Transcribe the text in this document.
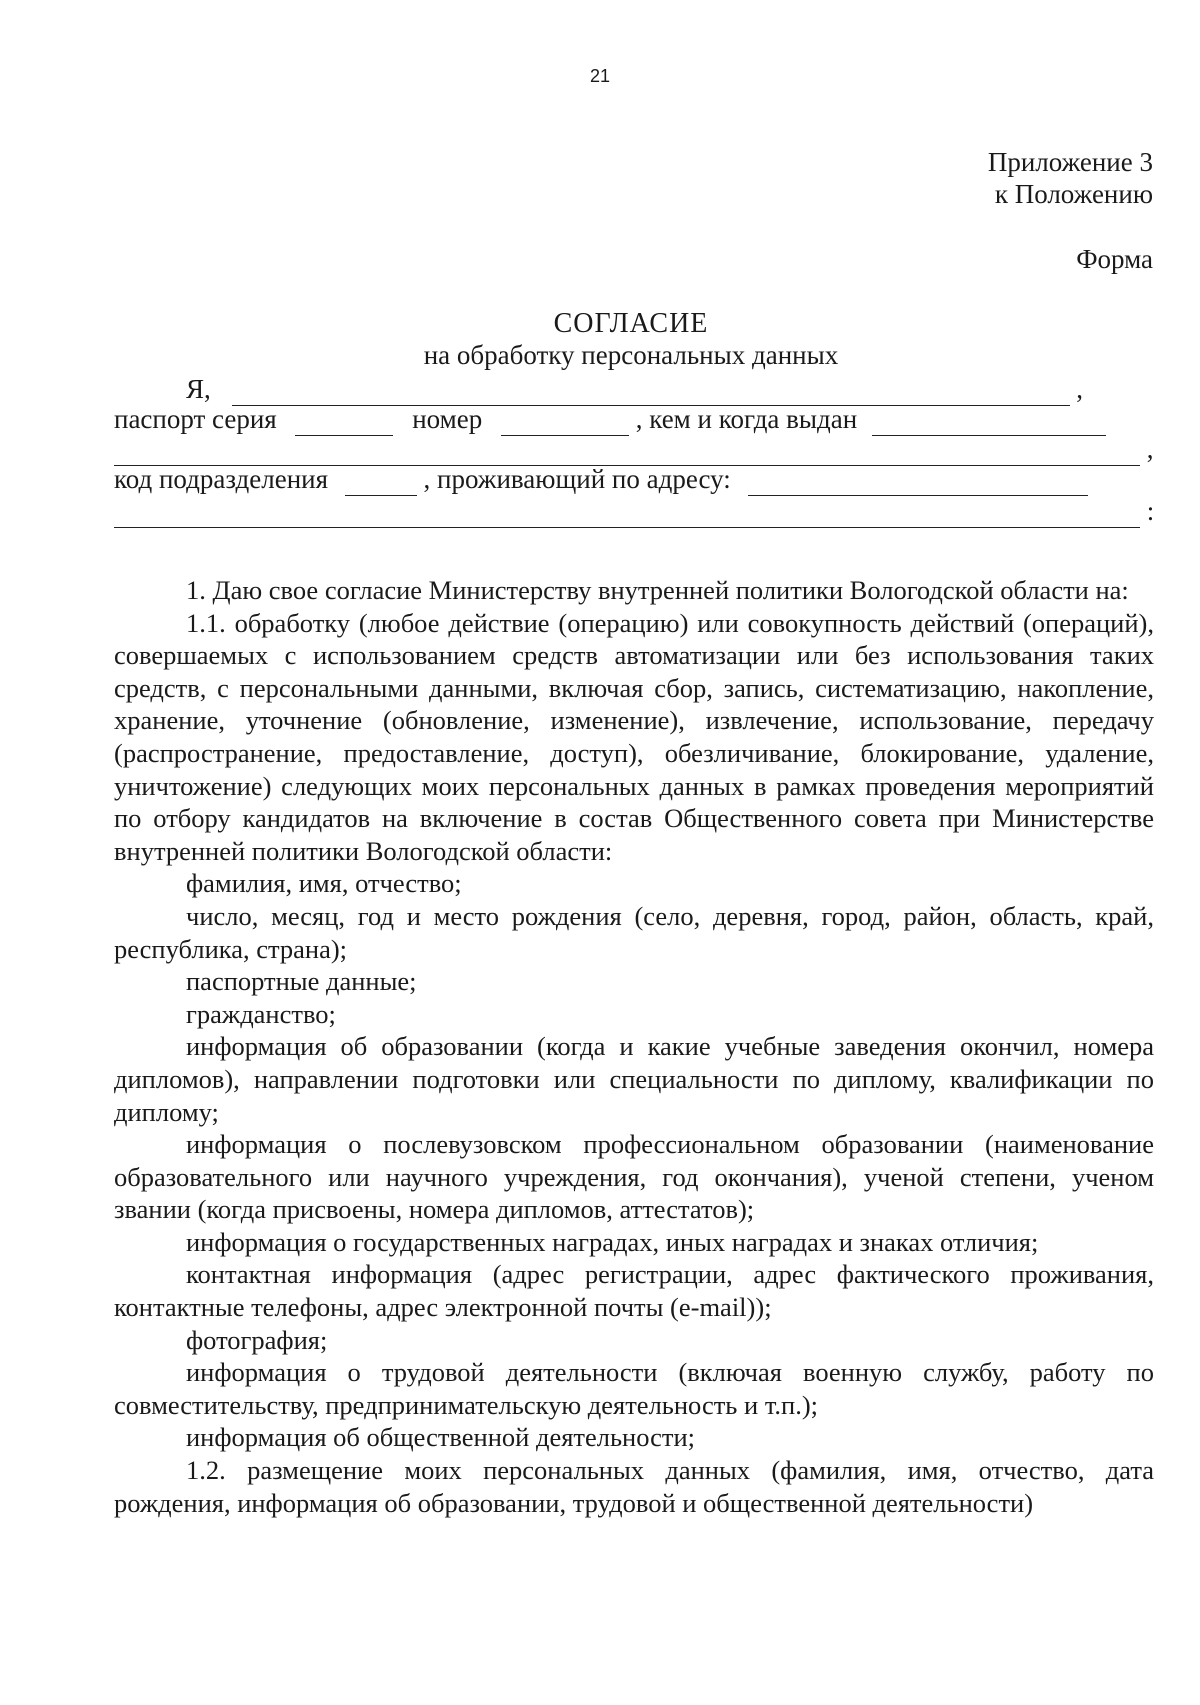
21
Приложение 3
к Положению
Форма
СОГЛАСИЕ
на обработку персональных данных
Я,	,
паспорт серия	номер	, кем и когда выдан
,
код подразделения	, проживающий по адресу:
:

1. Даю свое согласие Министерству внутренней политики Вологодской области на:

1.1. обработку (любое действие (операцию) или совокупность действий (операций), совершаемых с использованием средств автоматизации или без использования таких средств, с персональными данными, включая сбор, запись, систематизацию, накопление, хранение, уточнение (обновление, изменение), извлечение, использование, передачу (распространение, предоставление, доступ), обезличивание, блокирование, удаление, уничтожение) следующих моих персональных данных в рамках проведения мероприятий по отбору кандидатов на включение в состав Общественного совета при Министерстве внутренней политики Вологодской области:

фамилия, имя, отчество;

число, месяц, год и место рождения (село, деревня, город, район, область, край, республика, страна);

паспортные данные;

гражданство;

информация об образовании (когда и какие учебные заведения окончил, номера дипломов), направлении подготовки или специальности по диплому, квалификации по диплому;

информация о послевузовском профессиональном образовании (наименование образовательного или научного учреждения, год окончания), ученой степени, ученом звании (когда присвоены, номера дипломов, аттестатов);

информация о государственных наградах, иных наградах и знаках отличия;

контактная информация (адрес регистрации, адрес фактического проживания, контактные телефоны, адрес электронной почты (e-mail));

фотография;

информация о трудовой деятельности (включая военную службу, работу по совместительству, предпринимательскую деятельность и т.п.);

информация об общественной деятельности;

1.2. размещение моих персональных данных (фамилия, имя, отчество, дата рождения, информация об образовании, трудовой и общественной деятельности)
